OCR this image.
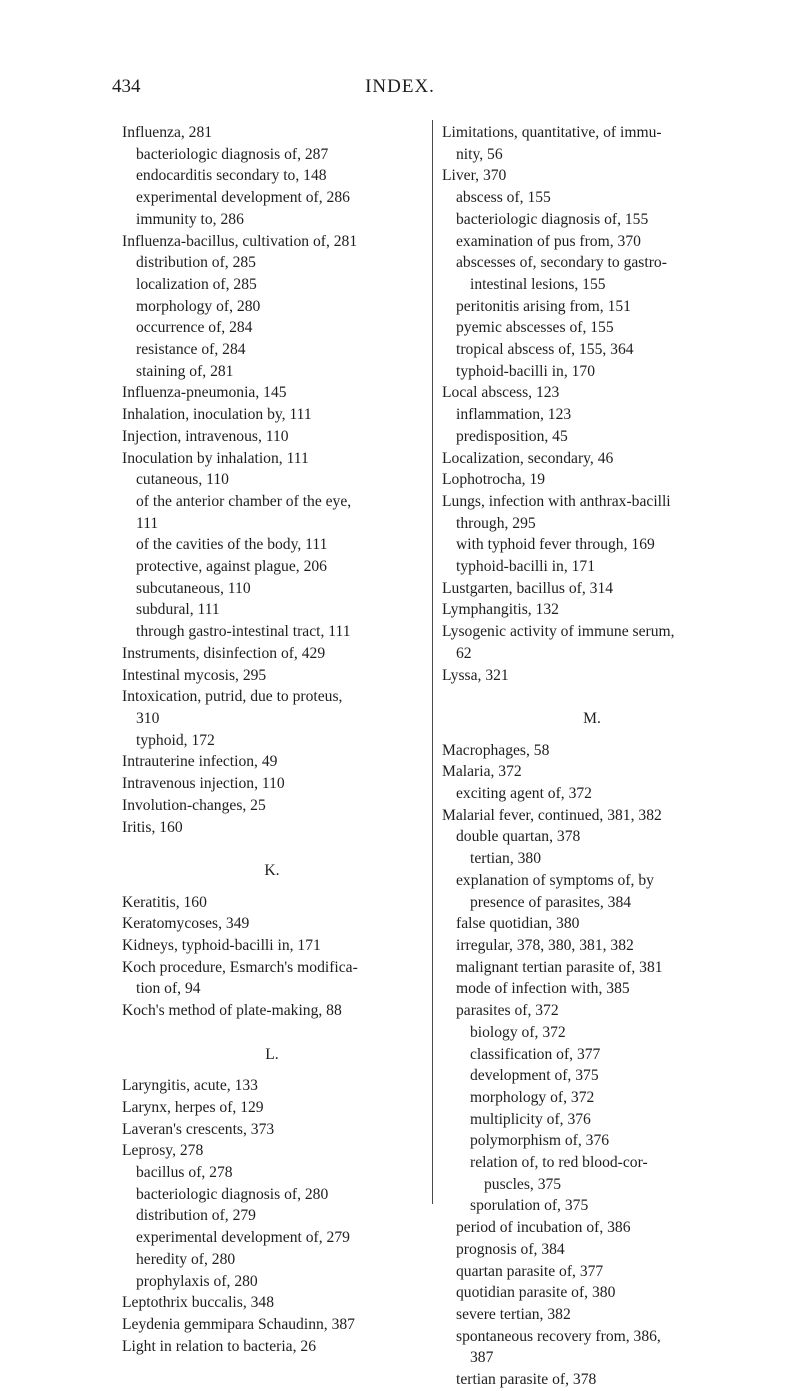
434	INDEX.

Influenza, 281

bacteriologic diagnosis of, 287

endocarditis secondary to, 148

experimental development of, 286

immunity to, 286

Influenza-bacillus, cultivation of, 281

distribution of, 285

localization of, 285

morphology of, 280

occurrence of, 284

resistance of, 284

staining of, 281

Influenza-pneumonia, 145

Inhalation, inoculation by, 111

Injection, intravenous, 110

Inoculation by inhalation, 111

cutaneous, 110

of the anterior chamber of the eye,

111

of the cavities of the body, 111

protective, against plague, 206

subcutaneous, 110

subdural, 111

through gastro-intestinal tract, 111

Instruments, disinfection of, 429

Intestinal mycosis, 295

Intoxication, putrid, due to proteus,

310

typhoid, 172

Intrauterine infection, 49

Intravenous injection, 110

Involution-changes, 25

Iritis, 160

K.

Keratitis, 160

Keratomycoses, 349

Kidneys, typhoid-bacilli in, 171

Koch procedure, Esmarch's modifica-

tion of, 94

Koch's method of plate-making, 88

L.

Laryngitis, acute, 133

Larynx, herpes of, 129

Laveran's crescents, 373

Leprosy, 278

bacillus of, 278

bacteriologic diagnosis of, 280

distribution of, 279

experimental development of, 279

heredity of, 280

prophylaxis of, 280

Leptothrix buccalis, 348

Leydenia gemmipara Schaudinn, 387

Light in relation to bacteria, 26

Limitations, quantitative, of immu-

nity, 56

Liver, 370

abscess of, 155

bacteriologic diagnosis of, 155

examination of pus from, 370

abscesses of, secondary to gastro-

intestinal lesions, 155

peritonitis arising from, 151

pyemic abscesses of, 155

tropical abscess of, 155, 364

typhoid-bacilli in, 170

Local abscess, 123

inflammation, 123

predisposition, 45

Localization, secondary, 46

Lophotrocha, 19

Lungs, infection with anthrax-bacilli

through, 295

with typhoid fever through, 169

typhoid-bacilli in, 171

Lustgarten, bacillus of, 314

Lymphangitis, 132

Lysogenic activity of immune serum,

62

Lyssa, 321

M.

Macrophages, 58

Malaria, 372

exciting agent of, 372

Malarial fever, continued, 381, 382

double quartan, 378

tertian, 380

explanation of symptoms of, by

presence of parasites, 384

false quotidian, 380

irregular, 378, 380, 381, 382

malignant tertian parasite of, 381

mode of infection with, 385

parasites of, 372

biology of, 372

classification of, 377

development of, 375

morphology of, 372

multiplicity of, 376

polymorphism of, 376

relation of, to red blood-cor-

puscles, 375

sporulation of, 375

period of incubation of, 386

prognosis of, 384

quartan parasite of, 377

quotidian parasite of, 380

severe tertian, 382

spontaneous recovery from, 386,

387

tertian parasite of, 378
